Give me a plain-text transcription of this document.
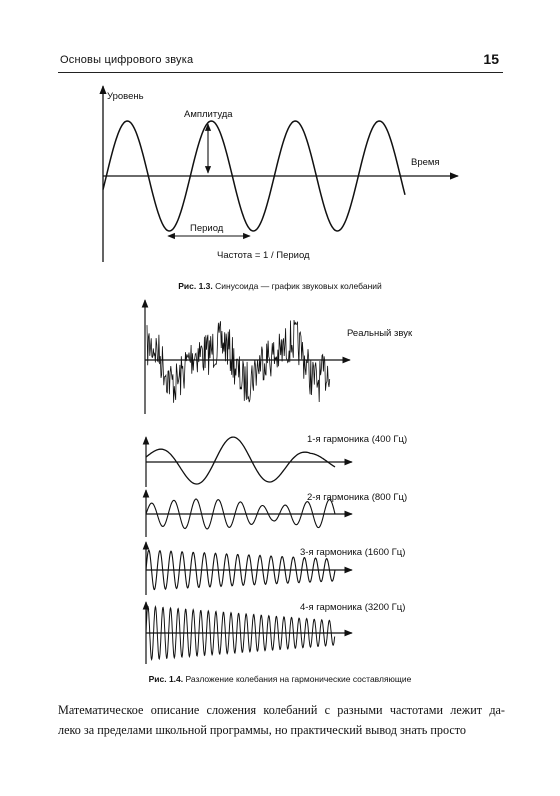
Основы цифрового звука	15
Уровень
Время
Амплитуда
Период
Частота = 1 / Период
Рис. 1.3. Синусоида — график звуковых колебаний
Реальный звук
1-я гармоника (400 Гц)
2-я гармоника (800 Гц)
3-я гармоника (1600 Гц)
4-я гармоника (3200 Гц)
Рис. 1.4. Разложение колебания на гармонические составляющие
Математическое описание сложения колебаний с разными частотами лежит да-
леко за пределами школьной программы, но практический вывод знать просто
